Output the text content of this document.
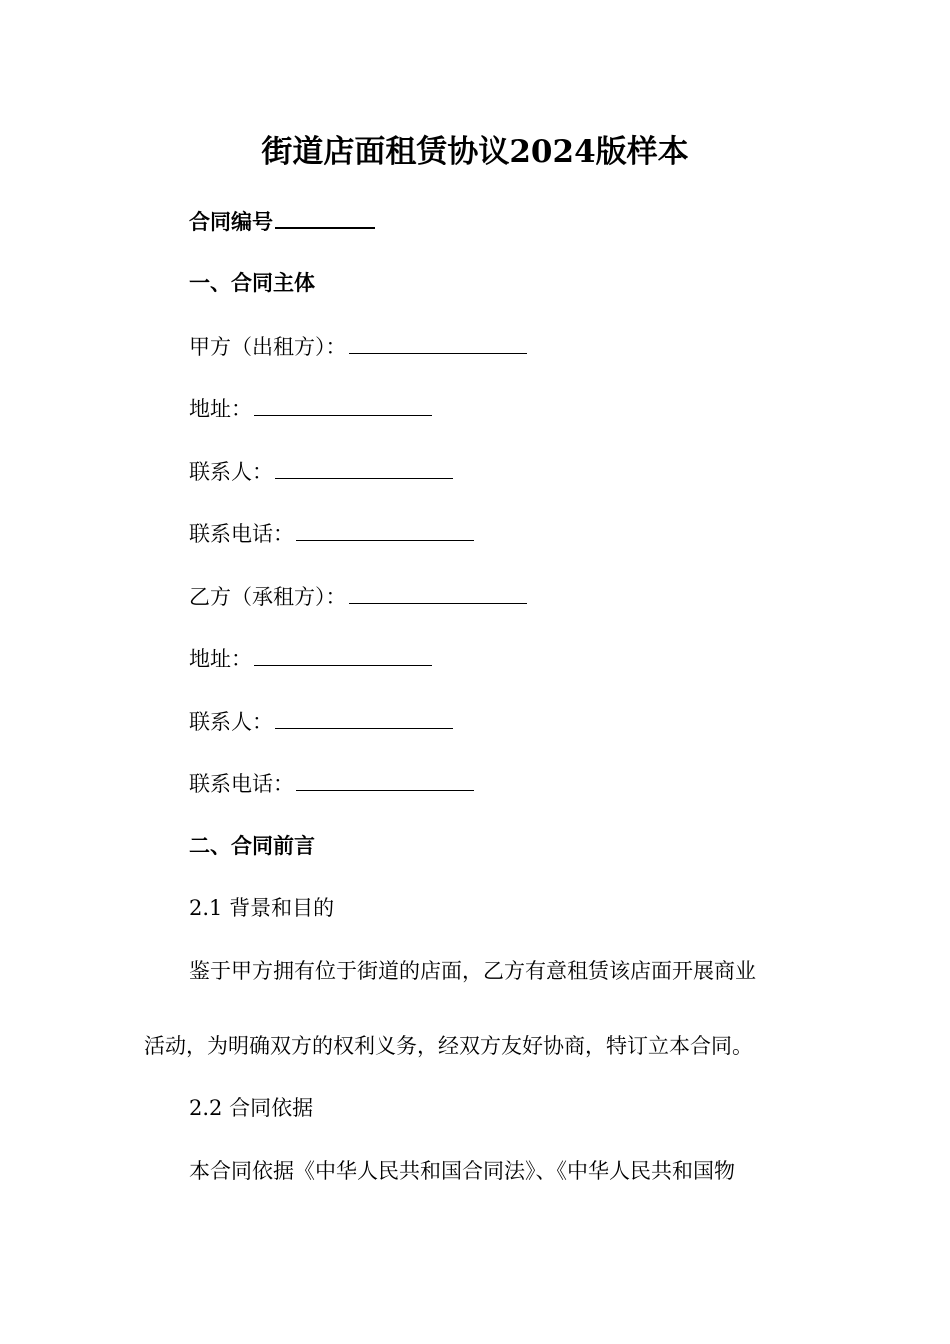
街道店面租赁协议2024版样本
合同编号
一、合同主体
甲方（出租方）：
地址：
联系人：
联系电话：
乙方（承租方）：
地址：
联系人：
联系电话：
二、合同前言
2.1 背景和目的
鉴于甲方拥有位于街道的店面，乙方有意租赁该店面开展商业
活动，为明确双方的权利义务，经双方友好协商，特订立本合同。
2.2 合同依据
本合同依据《中华人民共和国合同法》、《中华人民共和国物
